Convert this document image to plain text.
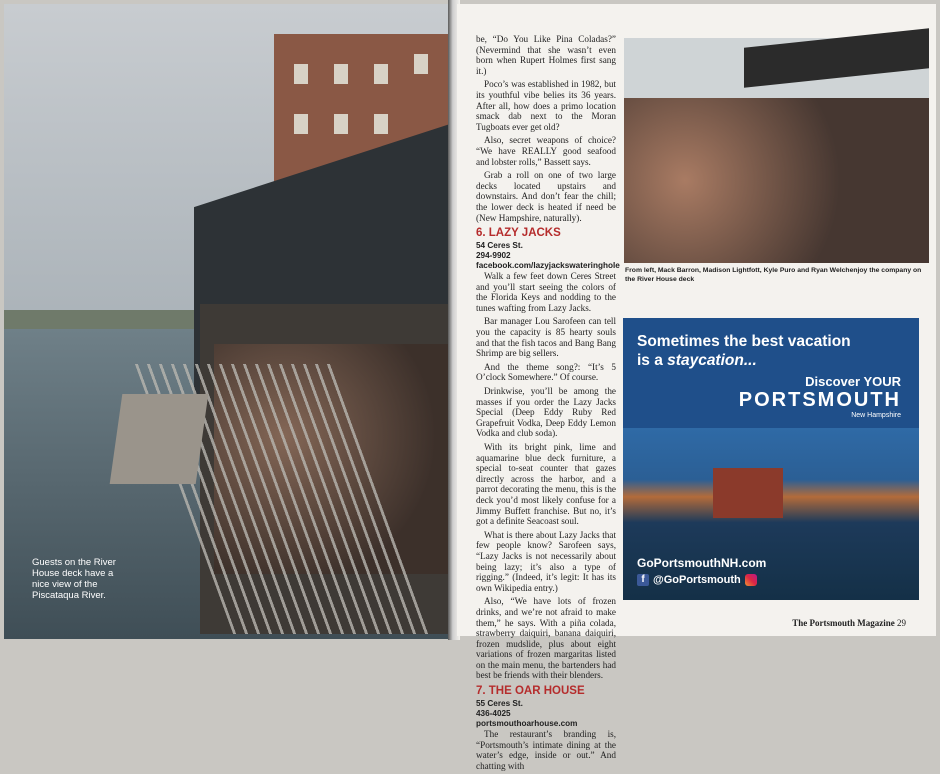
Guests on the River House deck have a nice view of the Piscataqua River.

be, “Do You Like Pina Coladas?” (Nevermind that she wasn’t even born when Rupert Holmes first sang it.)

Poco’s was established in 1982, but its youthful vibe belies its 36 years. After all, how does a primo location smack dab next to the Moran Tugboats ever get old?

Also, secret weapons of choice? “We have REALLY good seafood and lobster rolls,” Bassett says.

Grab a roll on one of two large decks located upstairs and downstairs. And don’t fear the chill; the lower deck is heated if need be (New Hampshire, naturally).

6. LAZY JACKS
54 Ceres St.
294-9902
facebook.com/lazyjackswateringhole

Walk a few feet down Ceres Street and you’ll start seeing the colors of the Florida Keys and nodding to the tunes wafting from Lazy Jacks.

Bar manager Lou Sarofeen can tell you the capacity is 85 hearty souls and that the fish tacos and Bang Bang Shrimp are big sellers.

And the theme song?: “It’s 5 O’clock Somewhere.” Of course.

Drinkwise, you’ll be among the masses if you order the Lazy Jacks Special (Deep Eddy Ruby Red Grapefruit Vodka, Deep Eddy Lemon Vodka and club soda).

With its bright pink, lime and aquamarine blue deck furniture, a special to-seat counter that gazes directly across the harbor, and a parrot decorating the menu, this is the deck you’d most likely confuse for a Jimmy Buffett franchise. But no, it’s got a definite Seacoast soul.

What is there about Lazy Jacks that few people know? Sarofeen says, “Lazy Jacks is not necessarily about being lazy; it’s also a type of rigging.” (Indeed, it’s legit: It has its own Wikipedia entry.)

Also, “We have lots of frozen drinks, and we’re not afraid to make them,” he says. With a piña colada, strawberry daiquiri, banana daiquiri, frozen mudslide, plus about eight variations of frozen margaritas listed on the main menu, the bartenders had best be friends with their blenders.

7. THE OAR HOUSE
55 Ceres St.
436-4025
portsmouthoarhouse.com

The restaurant’s branding is, “Portsmouth’s intimate dining at the water’s edge, inside or out.” And chatting with

From left, Mack Barron, Madison Lightfott, Kyle Puro and Ryan Welchenjoy the company on the River House deck
Sometimes the best vacation
is a staycation...
Discover YOUR
PORTSMOUTH
New Hampshire
GoPortsmouthNH.com
f @GoPortsmouth
The Portsmouth Magazine 29
